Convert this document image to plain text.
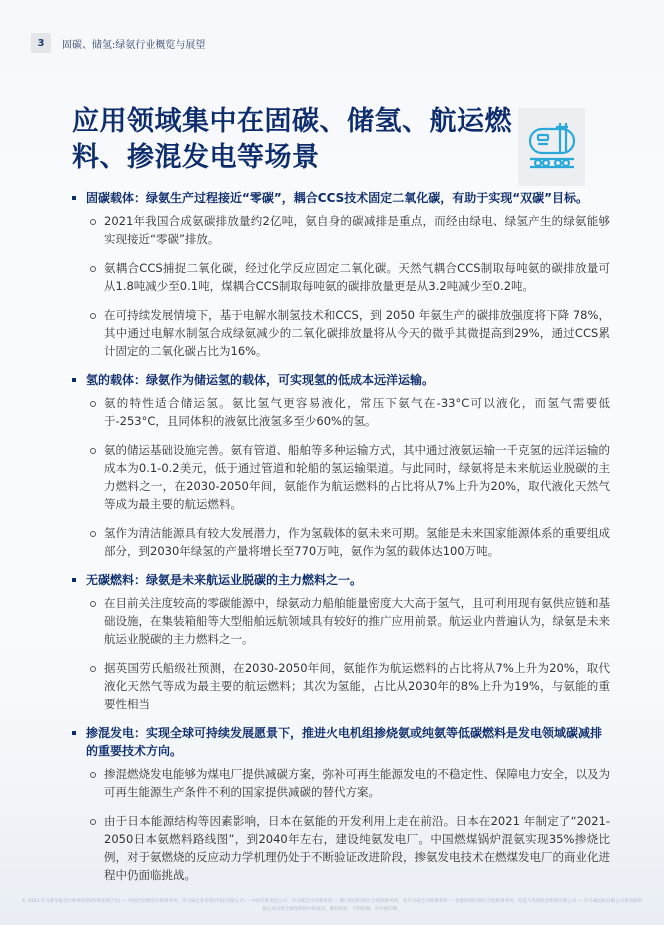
3	固碳、储氢:绿氨行业概览与展望
应用领域集中在固碳、储氢、航运燃料、掺混发电等场景
固碳载体：绿氨生产过程接近“零碳”，耦合CCS技术固定二氧化碳，有助于实现“双碳”目标。

2021年我国合成氨碳排放量约2亿吨，氨自身的碳减排是重点，而经由绿电、绿氢产生的绿氨能够实现接近“零碳”排放。

氨耦合CCS捕捉二氧化碳，经过化学反应固定二氧化碳。天然气耦合CCS制取每吨氨的碳排放量可从1.8吨减少至0.1吨，煤耦合CCS制取每吨氨的碳排放量更是从3.2吨减少至0.2吨。

在可持续发展情境下，基于电解水制氢技术和CCS，到 2050 年氨生产的碳排放强度将下降 78%，其中通过电解水制氢合成绿氨减少的二氧化碳排放量将从今天的微乎其微提高到29%，通过CCS累计固定的二氧化碳占比为16%。

氢的载体：绿氨作为储运氢的载体，可实现氢的低成本远洋运输。

氨的特性适合储运氢。氨比氢气更容易液化，常压下氨气在-33°C可以液化，而氢气需要低于-253°C，且同体积的液氨比液氢多至少60%的氢。

氨的储运基础设施完善。氨有管道、船舶等多种运输方式，其中通过液氨运输一千克氢的远洋运输的成本为0.1-0.2美元，低于通过管道和轮船的氢运输渠道。与此同时，绿氨将是未来航运业脱碳的主力燃料之一，在2030-2050年间，氨能作为航运燃料的占比将从7%上升为20%，取代液化天然气等成为最主要的航运燃料。

氢作为清洁能源具有较大发展潜力，作为氢载体的氨未来可期。氢能是未来国家能源体系的重要组成部分，到2030年绿氢的产量将增长至770万吨，氨作为氢的载体达100万吨。

无碳燃料：绿氨是未来航运业脱碳的主力燃料之一。

在目前关注度较高的零碳能源中，绿氨动力船舶能量密度大大高于氢气，且可利用现有氨供应链和基础设施，在集装箱船等大型船舶远航领域具有较好的推广应用前景。航运业内普遍认为，绿氨是未来航运业脱碳的主力燃料之一。

据英国劳氏船级社预测，在2030-2050年间，氨能作为航运燃料的占比将从7%上升为20%，取代液化天然气等成为最主要的航运燃料；其次为氢能，占比从2030年的8%上升为19%，与氨能的重要性相当

掺混发电：实现全球可持续发展愿景下，推进火电机组掺烧氨或纯氨等低碳燃料是发电领域碳减排的重要技术方向。

掺混燃烧发电能够为煤电厂提供减碳方案，弥补可再生能源发电的不稳定性、保障电力安全，以及为可再生能源生产条件不利的国家提供减碳的替代方案。

由于日本能源结构等因素影响，日本在氨能的开发利用上走在前沿。日本在2021 年制定了“2021-2050日本氨燃料路线图”，到2040年左右，建设纯氨发电厂。中国燃煤锅炉混氨实现35%掺烧比例，对于氨燃烧的反应动力学机理仍处于不断验证改进阶段，掺氨发电技术在燃煤发电厂的商业化进程中仍面临挑战。

© 2023 毕马威华振会计师事务所(特殊普通合伙) — 中国合伙制会计师事务所，毕马威企业咨询(中国)有限公司 — 中国有限责任公司，毕马威会计师事务所 — 澳门特别行政区合伙制事务所，及毕马威会计师事务所 — 香港特别行政区合伙制事务所，均是与英国私营担保有限公司 — 毕马威国际有限公司相关联的独立成员所全球性组织中的成员。版权所有，不得转载。在中国印制。
